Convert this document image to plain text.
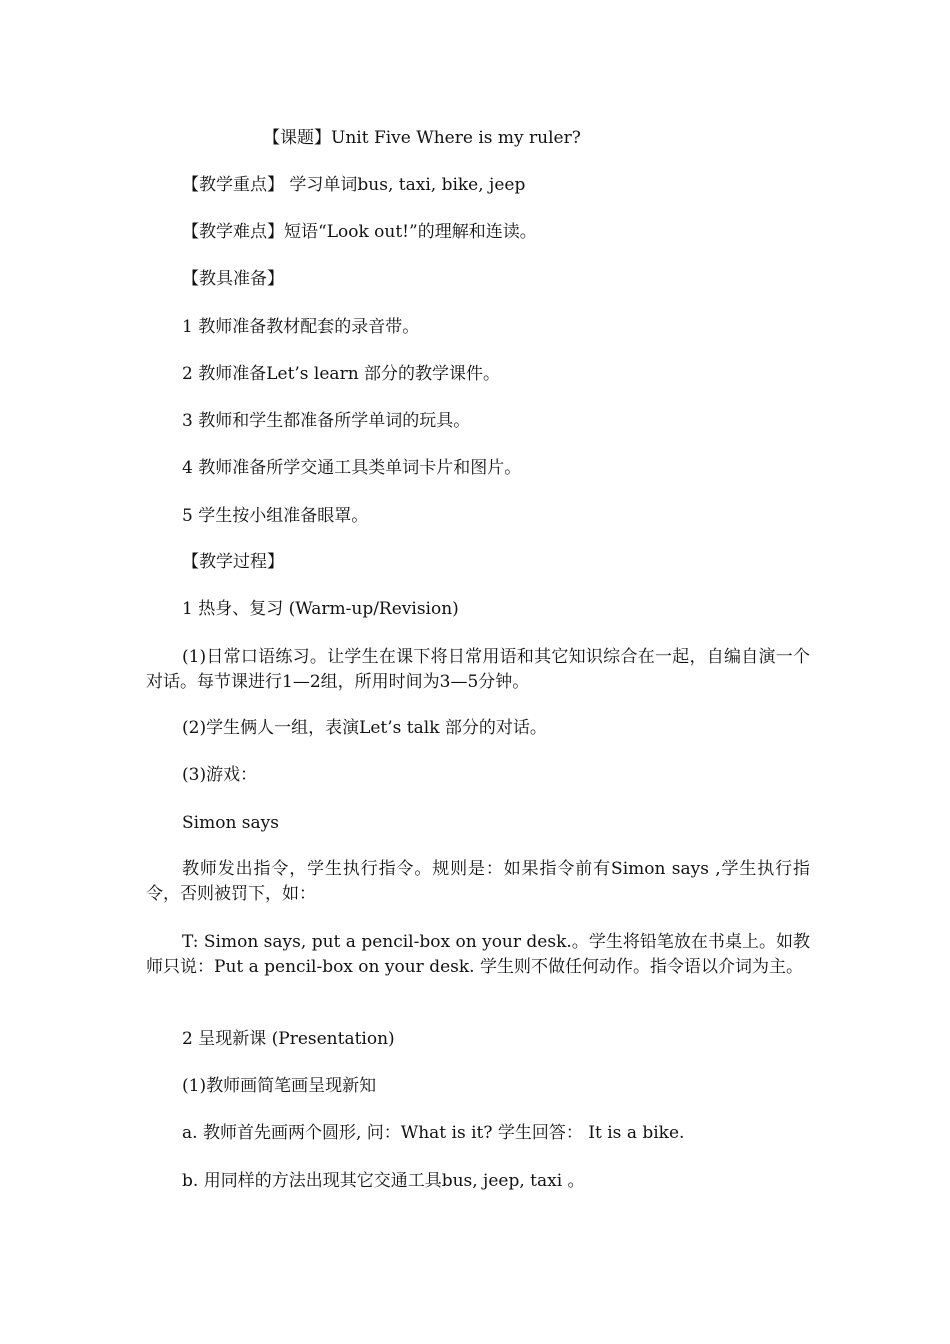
【课题】Unit Five Where is my ruler?
【教学重点】 学习单词bus, taxi, bike, jeep
【教学难点】短语“Look out!”的理解和连读。
【教具准备】
1 教师准备教材配套的录音带。
2 教师准备Let’s learn 部分的教学课件。
3 教师和学生都准备所学单词的玩具。
4 教师准备所学交通工具类单词卡片和图片。
5 学生按小组准备眼罩。
【教学过程】
1 热身、复习 (Warm-up/Revision)
(1)日常口语练习。让学生在课下将日常用语和其它知识综合在一起，自编自演一个对话。每节课进行1—2组，所用时间为3—5分钟。
(2)学生俩人一组，表演Let’s talk 部分的对话。
(3)游戏：
Simon says
教师发出指令，学生执行指令。规则是：如果指令前有Simon says ,学生执行指令，否则被罚下，如：
T: Simon says, put a pencil-box on your desk.。学生将铅笔放在书桌上。如教师只说：Put a pencil-box on your desk. 学生则不做任何动作。指令语以介词为主。
2 呈现新课 (Presentation)
(1)教师画简笔画呈现新知
a. 教师首先画两个圆形, 问：What is it? 学生回答： It is a bike.
b. 用同样的方法出现其它交通工具bus, jeep, taxi 。
